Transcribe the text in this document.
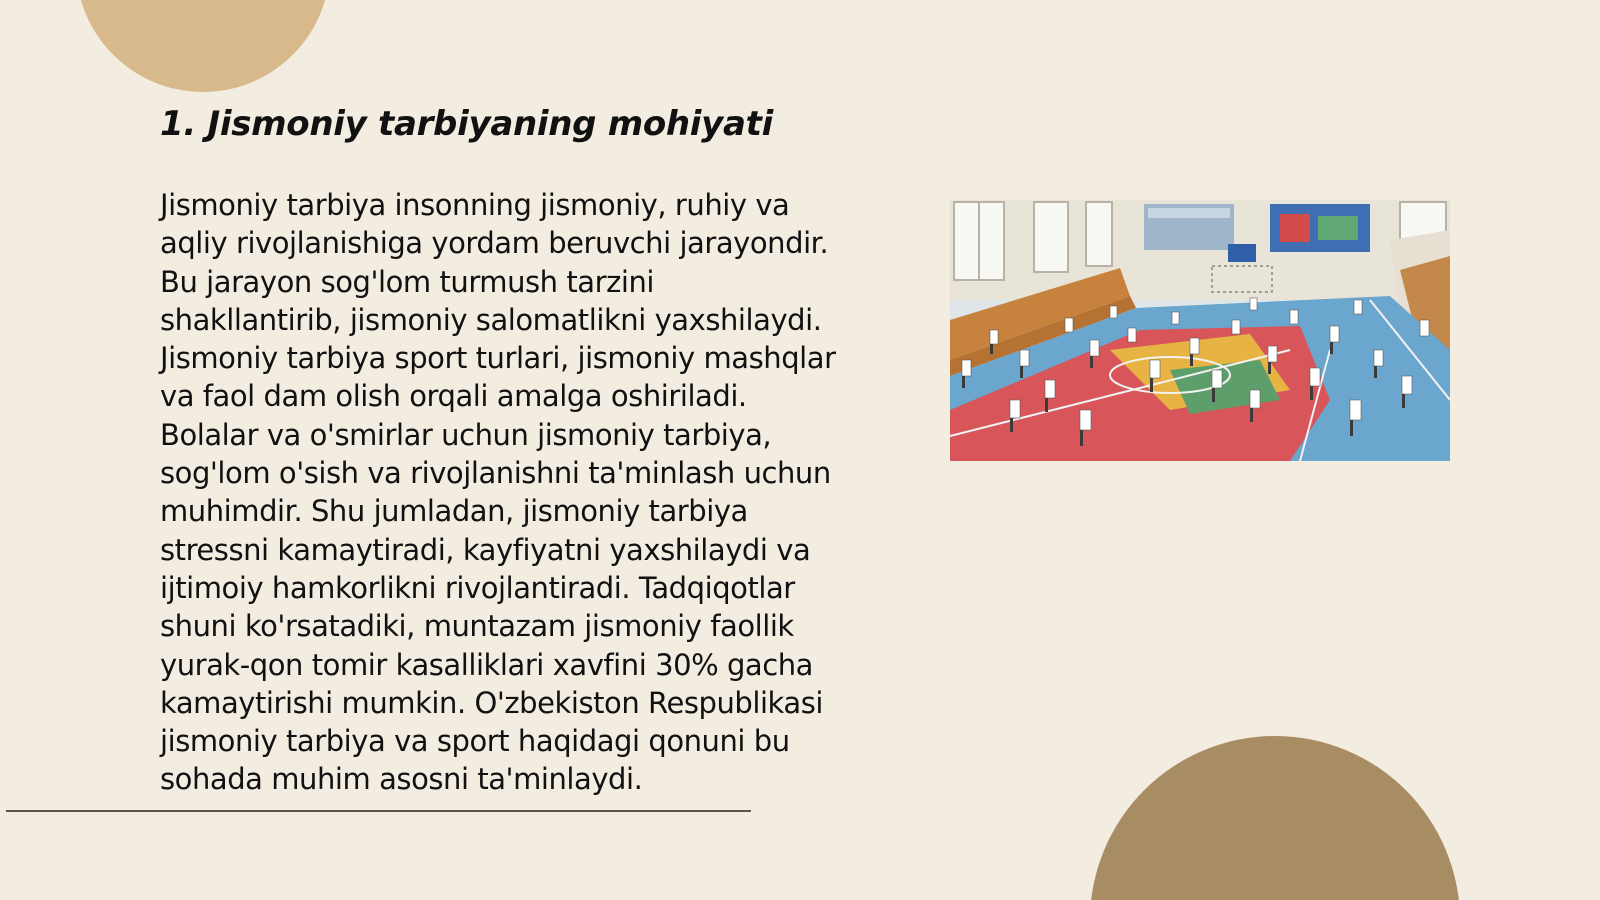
1. Jismoniy tarbiyaning mohiyati

Jismoniy tarbiya insonning jismoniy, ruhiy va aqliy rivojlanishiga yordam beruvchi jarayondir. Bu jarayon sog'lom turmush tarzini shakllantirib, jismoniy salomatlikni yaxshilaydi. Jismoniy tarbiya sport turlari, jismoniy mashqlar va faol dam olish orqali amalga oshiriladi. Bolalar va o'smirlar uchun jismoniy tarbiya, sog'lom o'sish va rivojlanishni ta'minlash uchun muhimdir. Shu jumladan, jismoniy tarbiya stressni kamaytiradi, kayfiyatni yaxshilaydi va ijtimoiy hamkorlikni rivojlantiradi. Tadqiqotlar shuni ko'rsatadiki, muntazam jismoniy faollik yurak-qon tomir kasalliklari xavfini 30% gacha kamaytirishi mumkin. O'zbekiston Respublikasi jismoniy tarbiya va sport haqidagi qonuni bu sohada muhim asosni ta'minlaydi.
